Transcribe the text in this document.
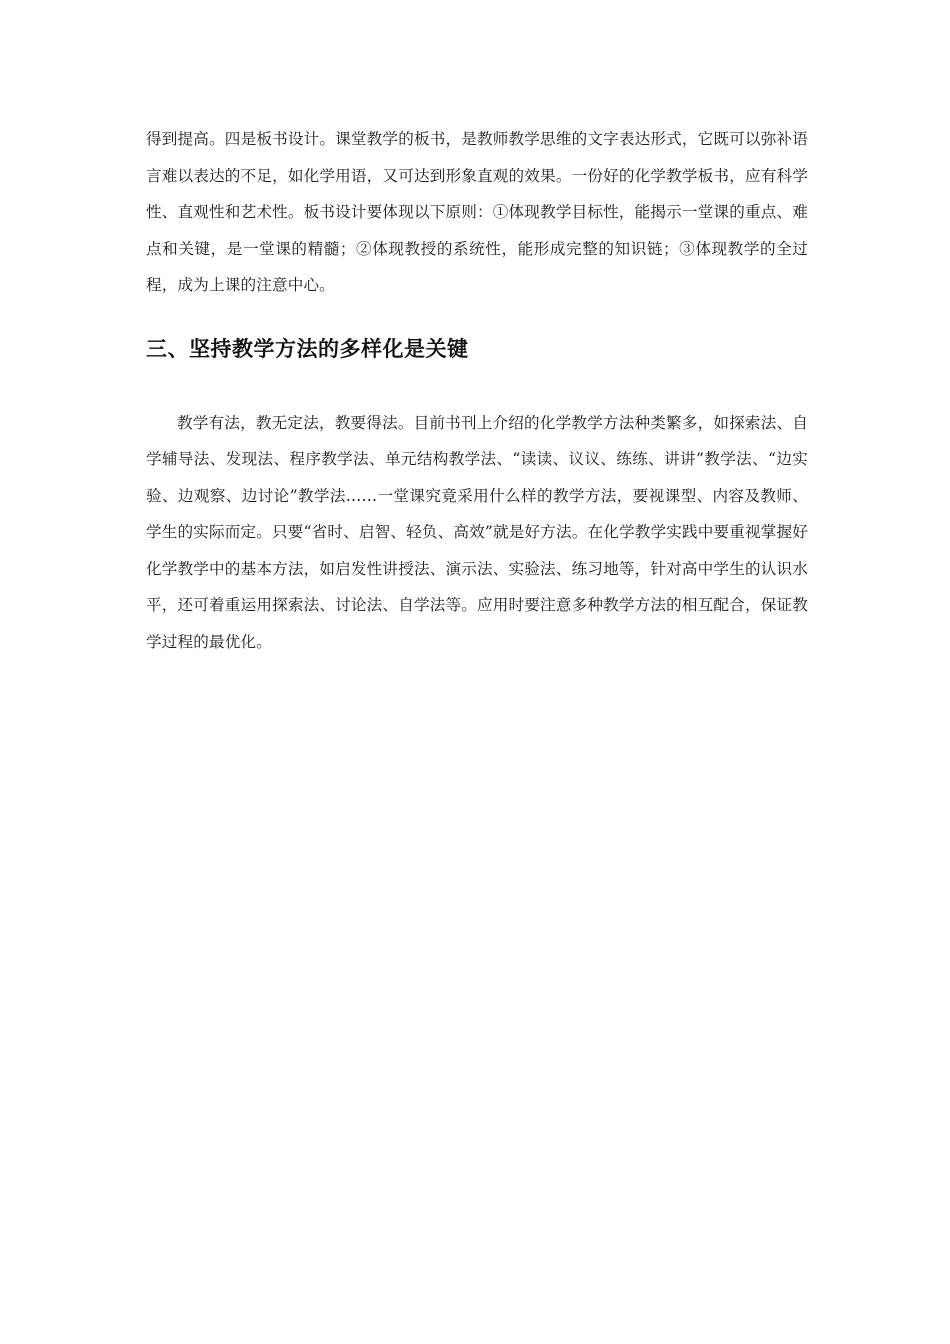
得到提高。四是板书设计。课堂教学的板书，是教师教学思维的文字表达形式，它既可以弥补语言难以表达的不足，如化学用语，又可达到形象直观的效果。一份好的化学教学板书，应有科学性、直观性和艺术性。板书设计要体现以下原则：①体现教学目标性，能揭示一堂课的重点、难点和关键，是一堂课的精髓；②体现教授的系统性，能形成完整的知识链；③体现教学的全过程，成为上课的注意中心。

三、坚持教学方法的多样化是关键

教学有法，教无定法，教要得法。目前书刊上介绍的化学教学方法种类繁多，如探索法、自学辅导法、发现法、程序教学法、单元结构教学法、“读读、议议、练练、讲讲”教学法、“边实验、边观察、边讨论”教学法……一堂课究竟采用什么样的教学方法，要视课型、内容及教师、学生的实际而定。只要“省时、启智、轻负、高效”就是好方法。在化学教学实践中要重视掌握好化学教学中的基本方法，如启发性讲授法、演示法、实验法、练习地等，针对高中学生的认识水平，还可着重运用探索法、讨论法、自学法等。应用时要注意多种教学方法的相互配合，保证教学过程的最优化。
